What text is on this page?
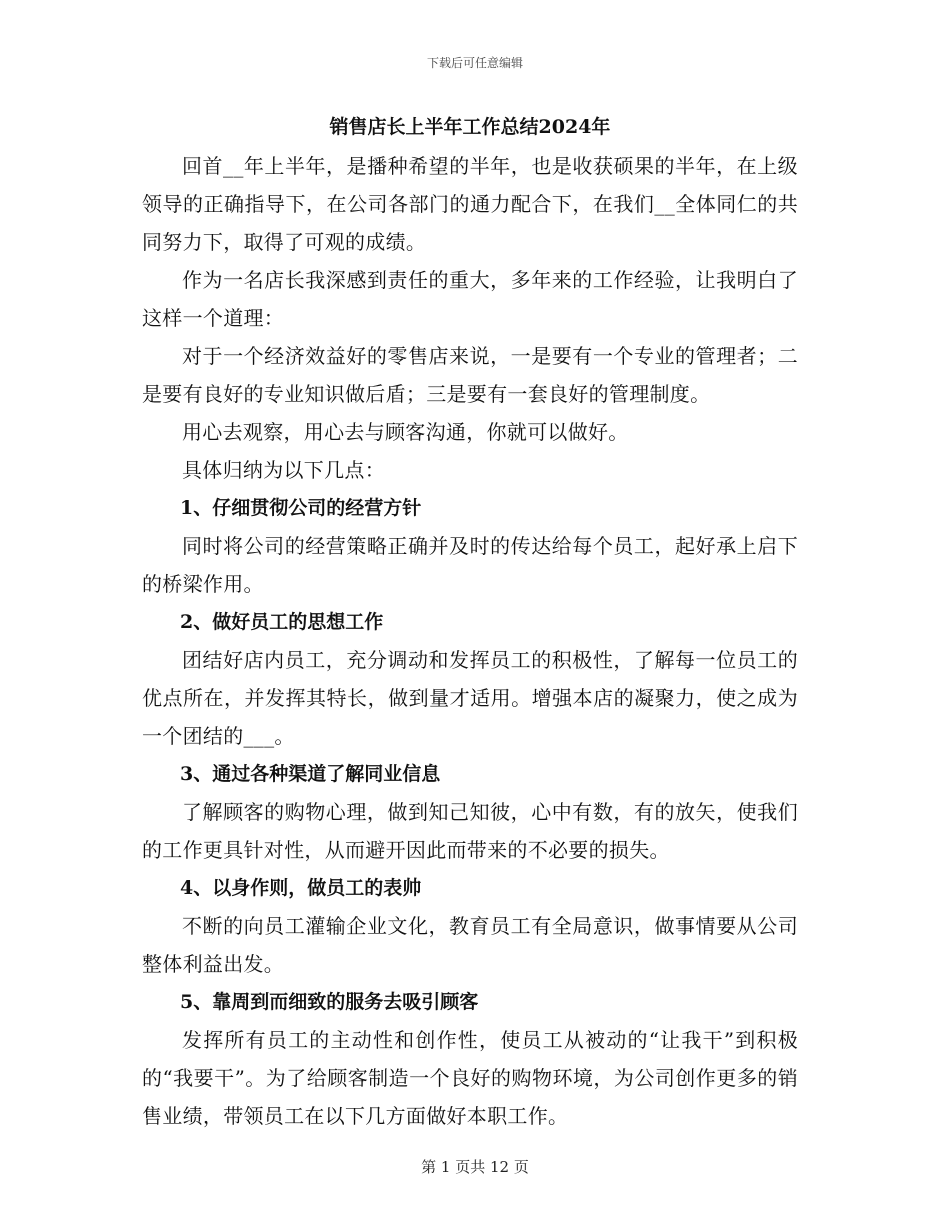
下载后可任意编辑
销售店长上半年工作总结2024年

回首__年上半年，是播种希望的半年，也是收获硕果的半年，在上级领导的正确指导下，在公司各部门的通力配合下，在我们__全体同仁的共同努力下，取得了可观的成绩。

作为一名店长我深感到责任的重大，多年来的工作经验，让我明白了这样一个道理：

对于一个经济效益好的零售店来说，一是要有一个专业的管理者；二是要有良好的专业知识做后盾；三是要有一套良好的管理制度。

用心去观察，用心去与顾客沟通，你就可以做好。

具体归纳为以下几点：

1、仔细贯彻公司的经营方针

同时将公司的经营策略正确并及时的传达给每个员工，起好承上启下的桥梁作用。

2、做好员工的思想工作

团结好店内员工，充分调动和发挥员工的积极性，了解每一位员工的优点所在，并发挥其特长，做到量才适用。增强本店的凝聚力，使之成为一个团结的___。

3、通过各种渠道了解同业信息

了解顾客的购物心理，做到知己知彼，心中有数，有的放矢，使我们的工作更具针对性，从而避开因此而带来的不必要的损失。

4、以身作则，做员工的表帅

不断的向员工灌输企业文化，教育员工有全局意识，做事情要从公司整体利益出发。

5、靠周到而细致的服务去吸引顾客

发挥所有员工的主动性和创作性，使员工从被动的“让我干”到积极的“我要干”。为了给顾客制造一个良好的购物环境，为公司创作更多的销售业绩，带领员工在以下几方面做好本职工作。

第 1 页共 12 页
